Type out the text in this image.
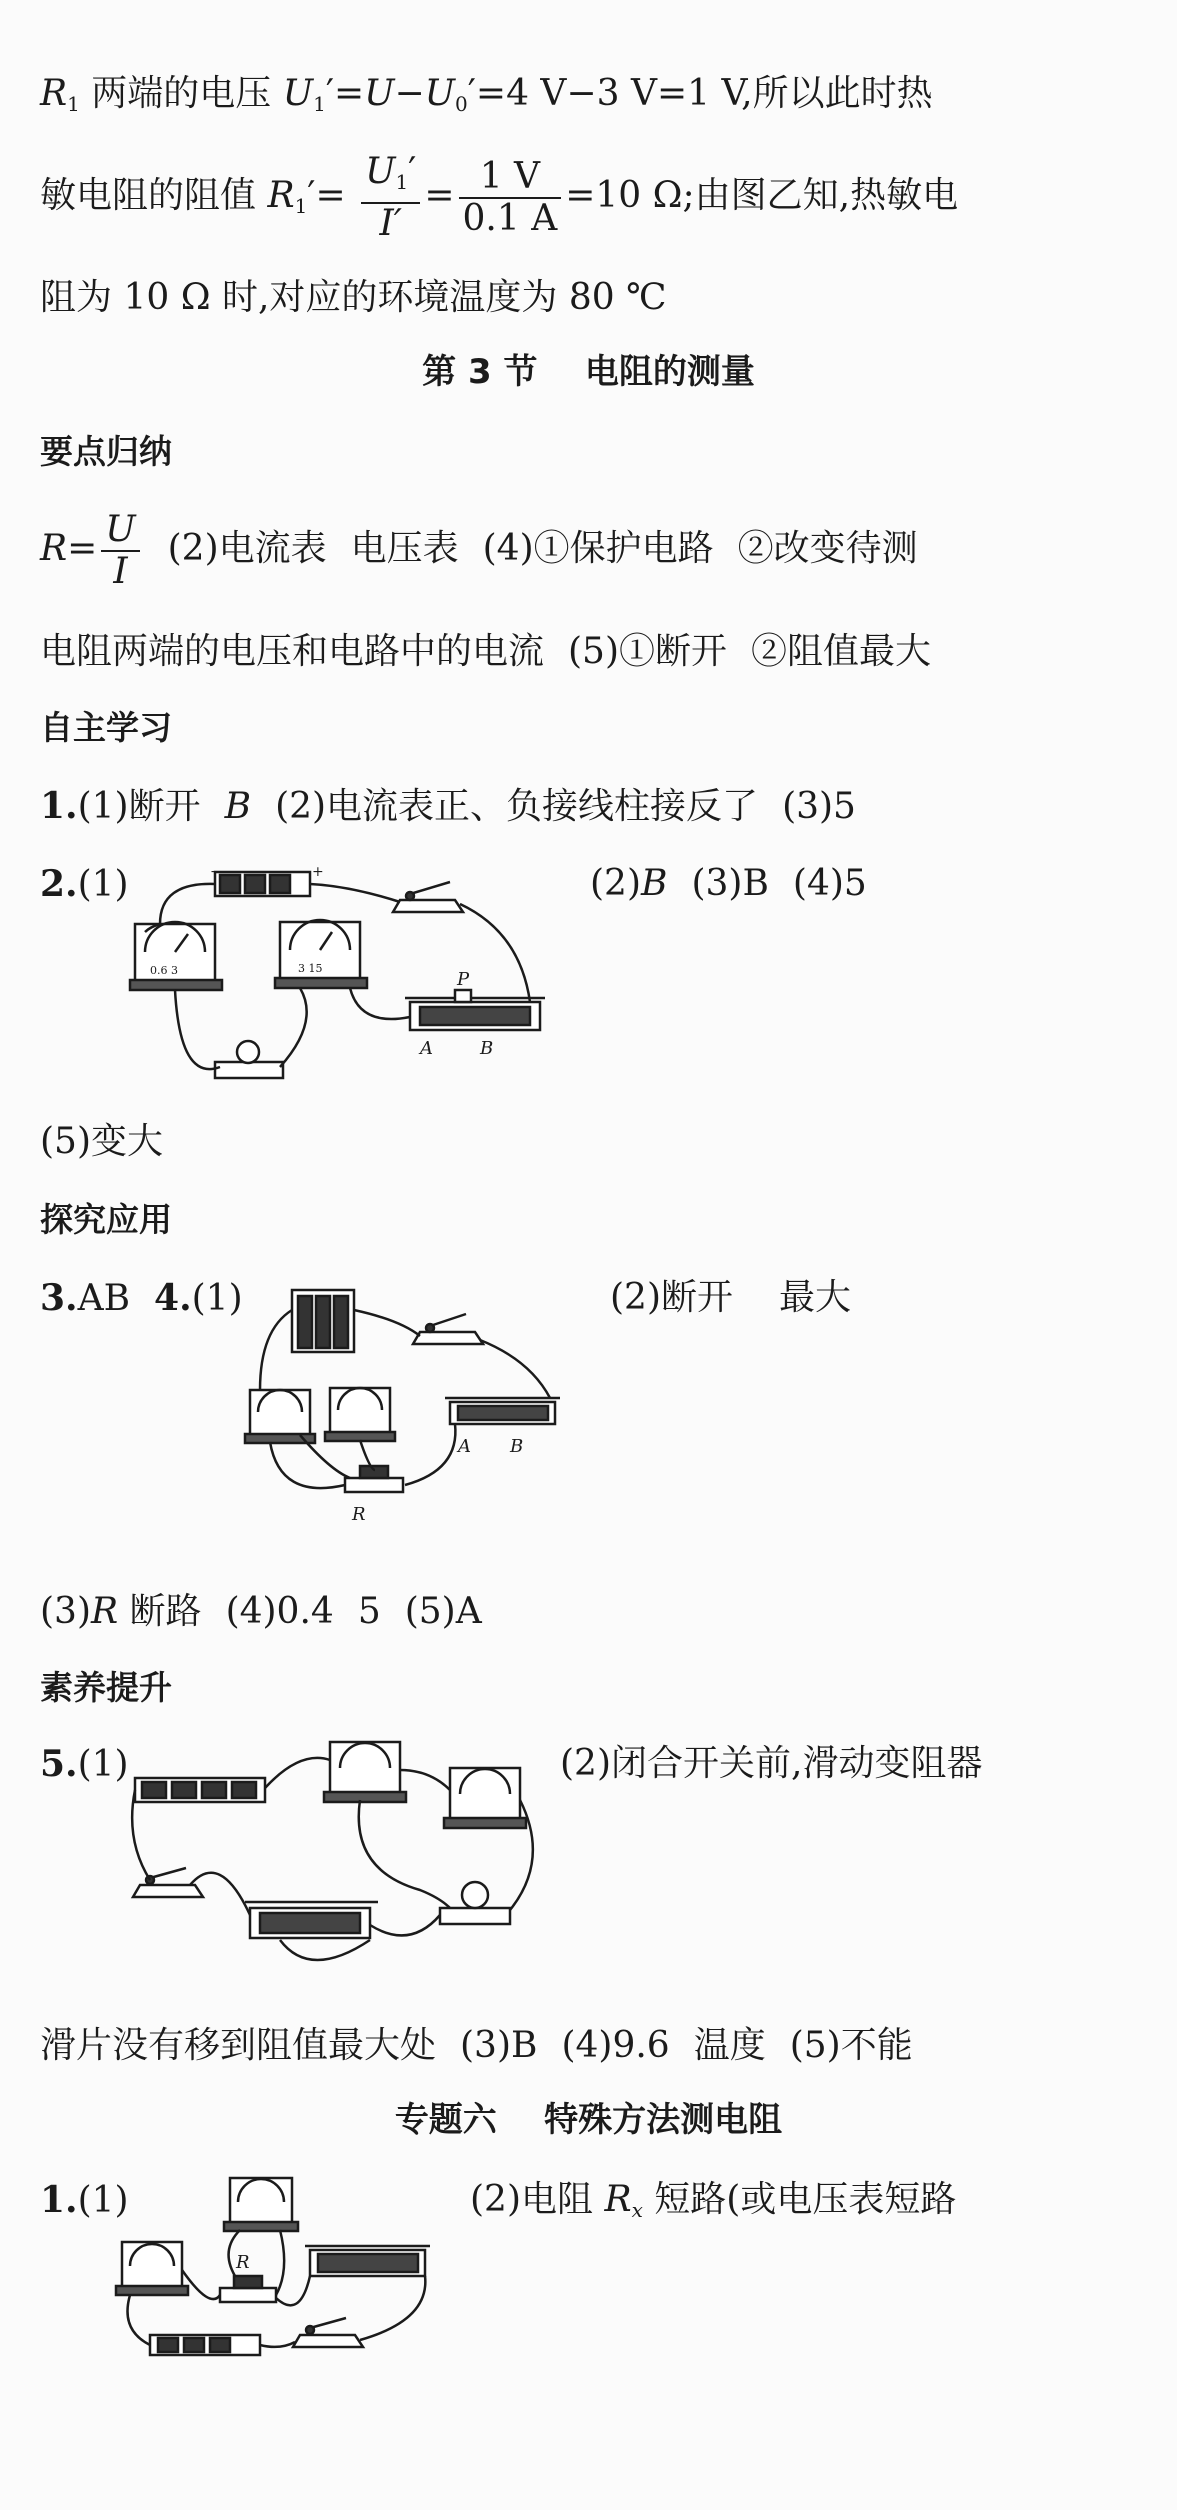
$R_1$ 两端的电压 $U_1'=U-U_0'=4$ V−3 V=1 V,所以此时热
敏电阻的阻值 $R_1'= \frac{U_1'}{I'} = \frac{1 V}{0.1 A} =10$ Ω;由图乙知,热敏电
阻为 10 Ω 时,对应的环境温度为 80 ℃
第 3 节    电阻的测量
要点归纳
$R= \frac{U}{I} (2)$电流表 电压表 (4)①保护电路 ②改变待测
电阻两端的电压和电路中的电流 (5)①断开 ②阻值最大
自主学习
1.(1)断开 B (2)电流表正、负接线柱接反了 (3)5
2.(1)	(2)B (3)B (4)5
−	+
0.6 3	3 15
P
A	B
(5)变大
探究应用
3.AB 4.(1)	(2)断开 最大
A B
R
(3)R 断路 (4)0.4 5 (5)A
素养提升
5.(1)	(2)闭合开关前,滑动变阻器
滑片没有移到阻值最大处 (3)B (4)9.6 温度 (5)不能
专题六    特殊方法测电阻
1.(1)	(2)电阻 $R_x$ 短路(或电压表短路
R
